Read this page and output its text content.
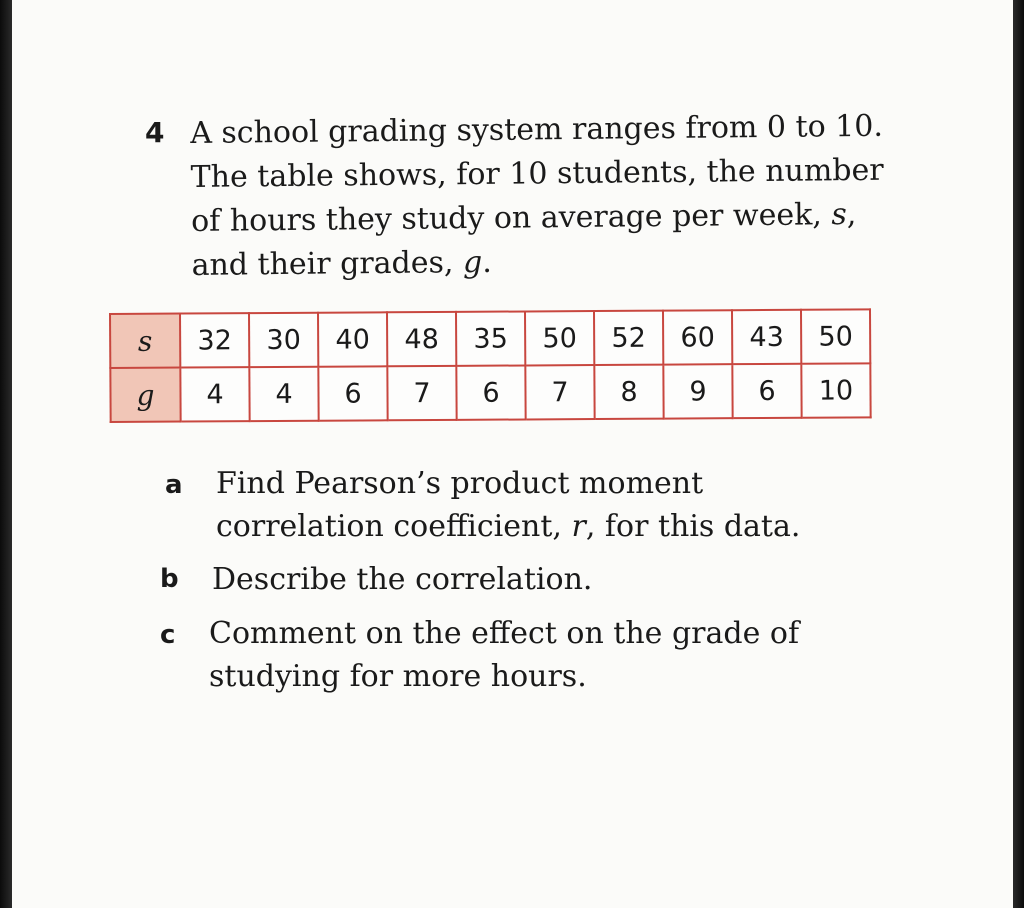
4 A school grading system ranges from 0 to 10.
The table shows, for 10 students, the number
of hours they study on average per week, s,
and their grades, g.
s	32	30	40	48	35	50	52	60	43	50
g	4	4	6	7	6	7	8	9	6	10
a Find Pearson’s product moment
correlation coefficient, r, for this data.
b Describe the correlation.
c Comment on the effect on the grade of
studying for more hours.
